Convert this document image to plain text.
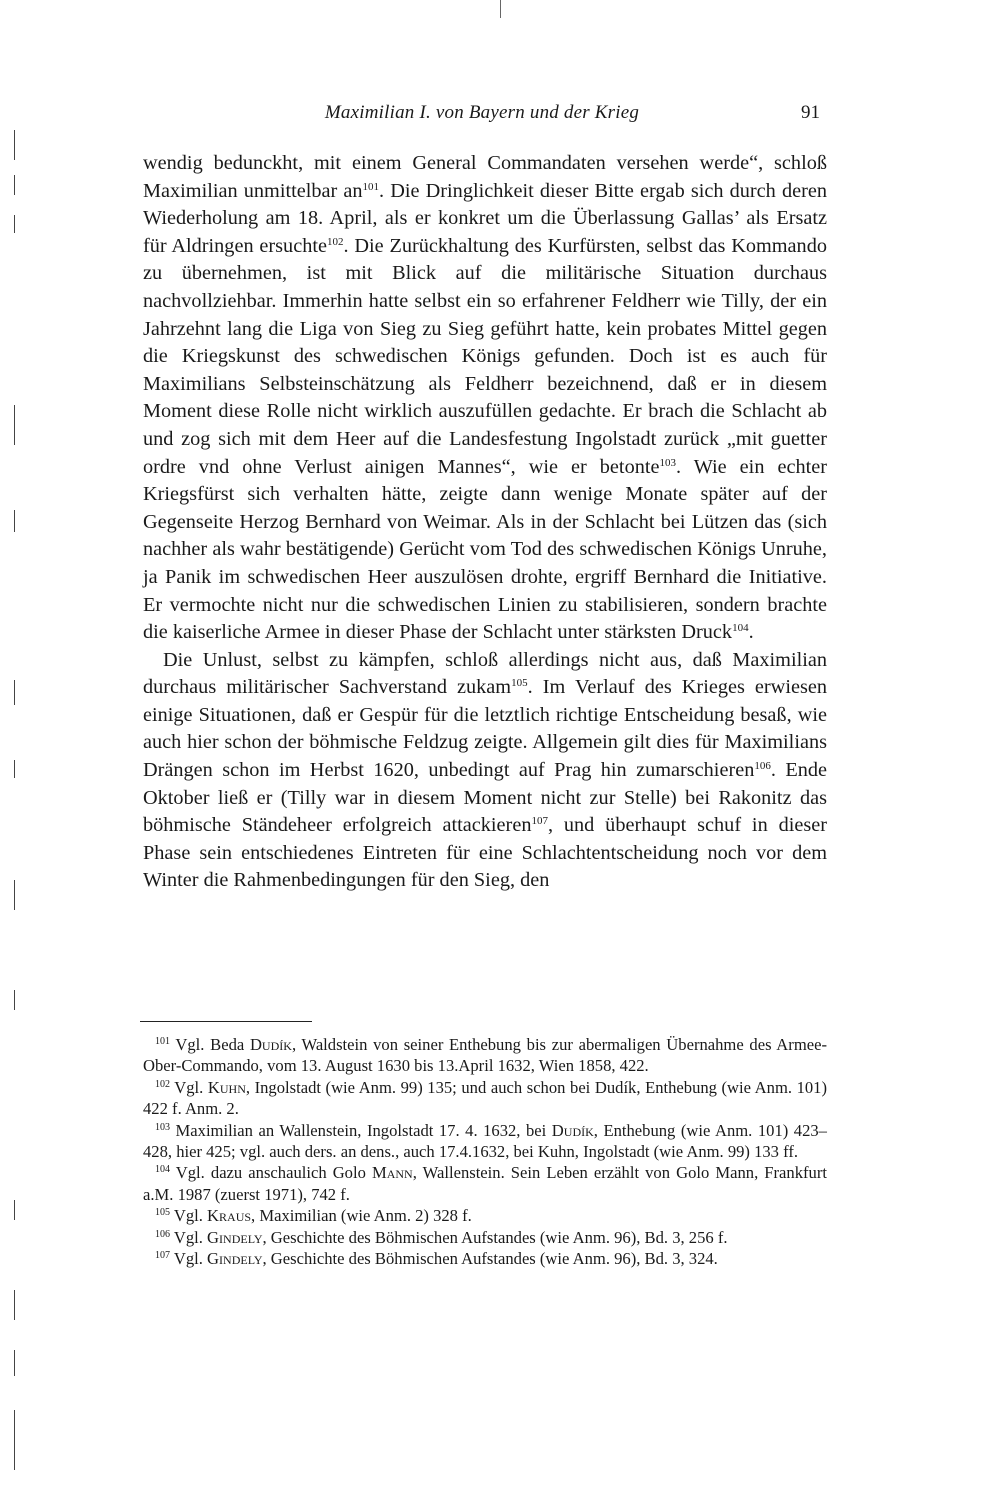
Maximilian I. von Bayern und der Krieg	91

wendig bedunckht, mit einem General Commandaten versehen werde“, schloß Maximilian unmittelbar $an^{101}$. Die Dringlichkeit dieser Bitte ergab sich durch deren Wiederholung am 18. April, als er konkret um die Überlassung Gallas’ als Ersatz für Aldringen ersuchte$^{102}$. Die Zurückhaltung des Kurfürsten, selbst das Kommando zu übernehmen, ist mit Blick auf die militärische Situation durchaus nachvollziehbar. Immerhin hatte selbst ein so erfahrener Feldherr wie Tilly, der ein Jahrzehnt lang die Liga von Sieg zu Sieg geführt hatte, kein probates Mittel gegen die Kriegskunst des schwedischen Königs gefunden. Doch ist es auch für Maximilians Selbsteinschätzung als Feldherr bezeichnend, daß er in diesem Moment diese Rolle nicht wirklich auszufüllen gedachte. Er brach die Schlacht ab und zog sich mit dem Heer auf die Landesfestung Ingolstadt zurück „mit guetter ordre vnd ohne Verlust ainigen Mannes“, wie er betonte$^{103}$. Wie ein echter Kriegsfürst sich verhalten hätte, zeigte dann wenige Monate später auf der Gegenseite Herzog Bernhard von Weimar. Als in der Schlacht bei Lützen das (sich nachher als wahr bestätigende) Gerücht vom Tod des schwedischen Königs Unruhe, ja Panik im schwedischen Heer auszulösen drohte, ergriff Bernhard die Initiative. Er vermochte nicht nur die schwedischen Linien zu stabilisieren, sondern brachte die kaiserliche Armee in dieser Phase der Schlacht unter stärksten Druck$^{104}$.

Die Unlust, selbst zu kämpfen, schloß allerdings nicht aus, daß Maximilian durchaus militärischer Sachverstand zukam$^{105}$. Im Verlauf des Krieges erwiesen einige Situationen, daß er Gespür für die letztlich richtige Entscheidung besaß, wie auch hier schon der böhmische Feldzug zeigte. Allgemein gilt dies für Maximilians Drängen schon im Herbst 1620, unbedingt auf Prag hin zumarschieren$^{106}$. Ende Oktober ließ er (Tilly war in diesem Moment nicht zur Stelle) bei Rakonitz das böhmische Ständeheer erfolgreich attackieren$^{107}$, und überhaupt schuf in dieser Phase sein entschiedenes Eintreten für eine Schlachtentscheidung noch vor dem Winter die Rahmenbedingungen für den Sieg, den

$^{101}$ Vgl. Beda Dudík, Waldstein von seiner Enthebung bis zur abermaligen Übernahme des Armee-Ober-Commando, vom 13. August 1630 bis 13.April 1632, Wien 1858, 422.

$^{102}$ Vgl. Kuhn, Ingolstadt (wie Anm. 99) 135; und auch schon bei Dudík, Enthebung (wie Anm. 101) 422 f. Anm. 2.

$^{103}$ Maximilian an Wallenstein, Ingolstadt 17. 4. 1632, bei Dudík, Enthebung (wie Anm. 101) 423–428, hier 425; vgl. auch ders. an dens., auch 17.4.1632, bei Kuhn, Ingolstadt (wie Anm. 99) 133 ff.

$^{104}$ Vgl. dazu anschaulich Golo Mann, Wallenstein. Sein Leben erzählt von Golo Mann, Frankfurt a.M. 1987 (zuerst 1971), 742 f.

$^{105}$ Vgl. Kraus, Maximilian (wie Anm. 2) 328 f.

$^{106}$ Vgl. Gindely, Geschichte des Böhmischen Aufstandes (wie Anm. 96), Bd. 3, 256 f.

$^{107}$ Vgl. Gindely, Geschichte des Böhmischen Aufstandes (wie Anm. 96), Bd. 3, 324.
